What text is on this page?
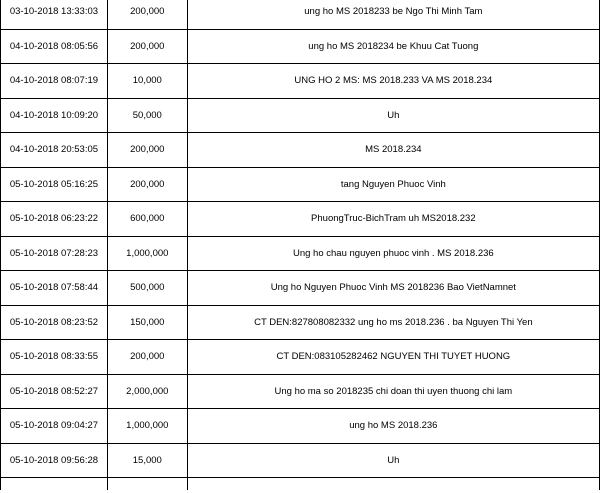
03-10-2018 13:33:03	200,000	ung ho MS 2018233 be Ngo Thi Minh Tam
04-10-2018 08:05:56	200,000	ung ho MS 2018234 be Khuu Cat Tuong
04-10-2018 08:07:19	10,000	UNG HO 2 MS: MS 2018.233 VA MS 2018.234
04-10-2018 10:09:20	50,000	Uh
04-10-2018 20:53:05	200,000	MS 2018.234
05-10-2018 05:16:25	200,000	tang Nguyen Phuoc Vinh
05-10-2018 06:23:22	600,000	PhuongTruc-BichTram uh MS2018.232
05-10-2018 07:28:23	1,000,000	Ung ho chau nguyen phuoc vinh . MS 2018.236
05-10-2018 07:58:44	500,000	Ung ho Nguyen Phuoc Vinh MS 2018236 Bao VietNamnet
05-10-2018 08:23:52	150,000	CT DEN:827808082332 ung ho ms 2018.236 . ba Nguyen Thi Yen
05-10-2018 08:33:55	200,000	CT DEN:083105282462 NGUYEN THI TUYET HUONG
05-10-2018 08:52:27	2,000,000	Ung ho ma so 2018235 chi doan thi uyen thuong chi lam
05-10-2018 09:04:27	1,000,000	ung ho MS 2018.236
05-10-2018 09:56:28	15,000	Uh
